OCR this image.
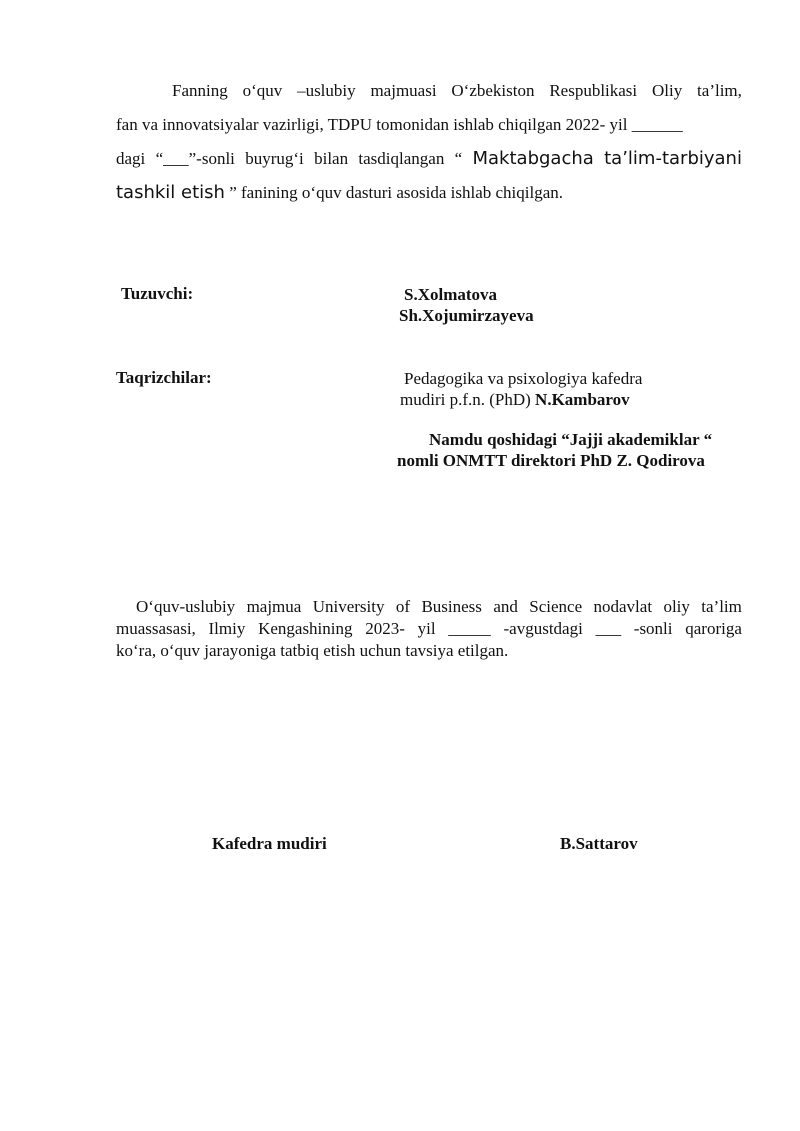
Fanning o‘quv –uslubiy majmuasi O‘zbekiston Respublikasi Oliy ta’lim,
fan va innovatsiyalar vazirligi, TDPU tomonidan ishlab chiqilgan 2022- yil ______
dagi “___”-sonli buyrug‘i bilan tasdiqlangan “ Maktabgacha ta’lim-tarbiyani
tashkil etish ” fanining o‘quv dasturi asosida ishlab chiqilgan.
Tuzuvchi:	S.Xolmatova
Sh.Xojumirzayeva
Taqrizchilar:	Pedagogika va psixologiya kafedra
mudiri p.f.n. (PhD) N.Kambarov
Namdu qoshidagi “Jajji akademiklar “
nomli ONMTT direktori PhD Z. Qodirova
O‘quv-uslubiy majmua University of Business and Science nodavlat oliy ta’lim
muassasasi, Ilmiy Kengashining 2023- yil _____ -avgustdagi ___ -sonli qaroriga
ko‘ra, o‘quv jarayoniga tatbiq etish uchun tavsiya etilgan.
Kafedra mudiri	B.Sattarov
